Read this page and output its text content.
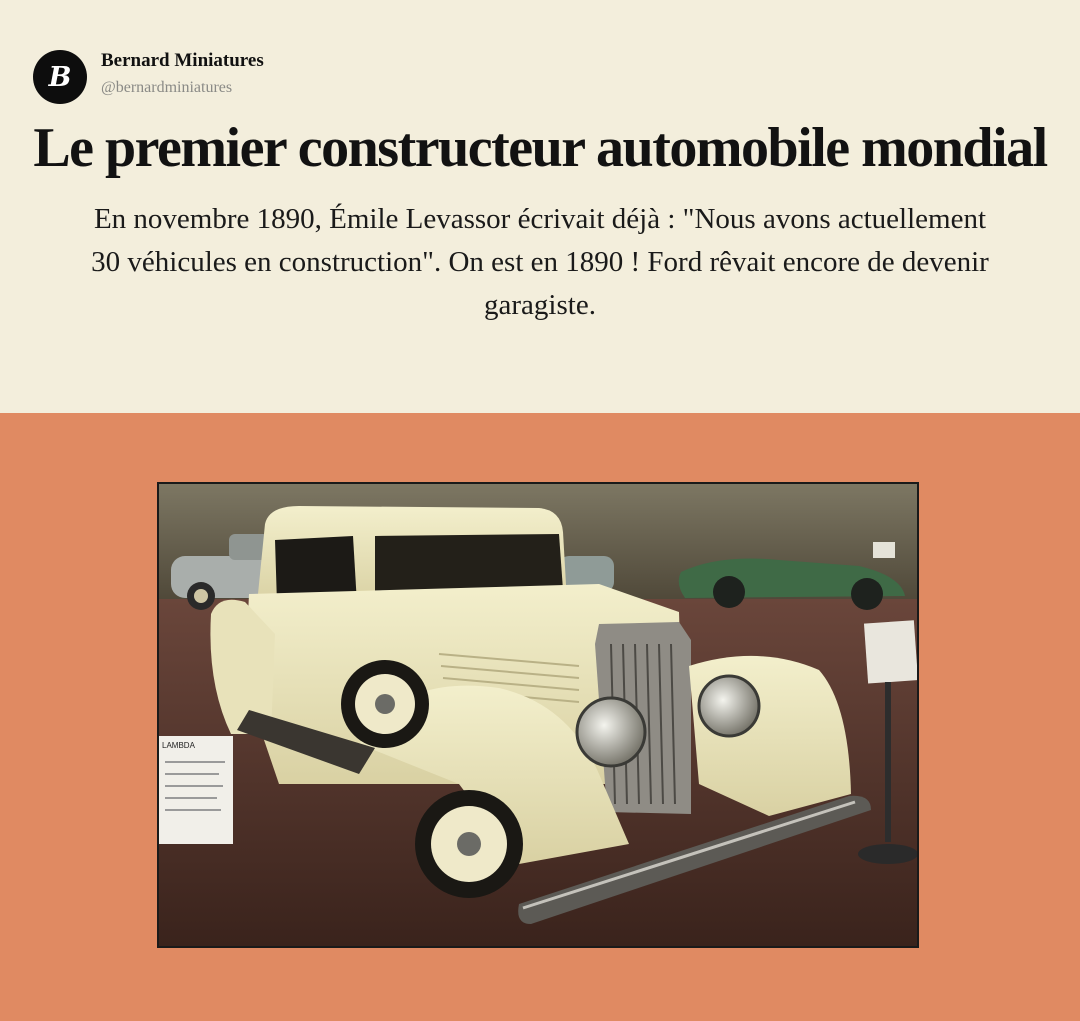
B
Bernard Miniatures
@bernardminiatures
Le premier constructeur automobile mondial
En novembre 1890, Émile Levassor écrivait déjà : "Nous avons actuellement 30 véhicules en construction". On est en 1890 ! Ford rêvait encore de devenir garagiste.
LAMBDA
